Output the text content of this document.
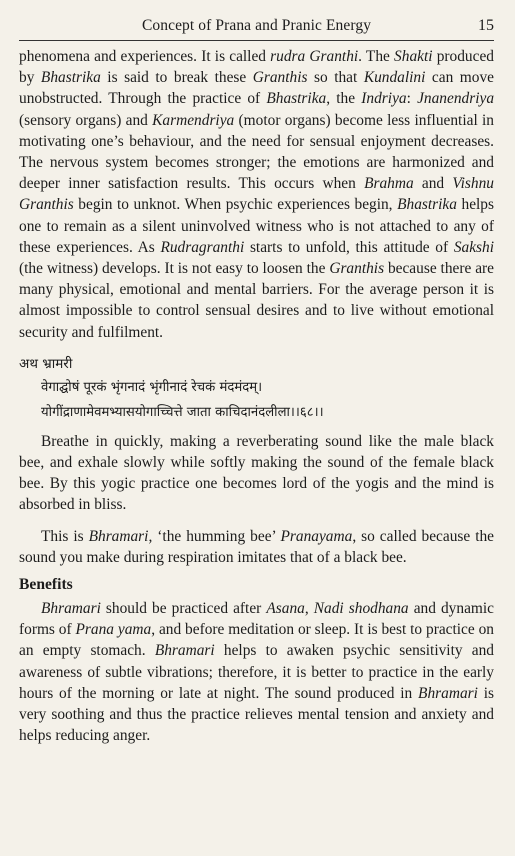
Concept of Prana and Pranic Energy	15

phenomena and experiences. It is called rudra Granthi. The Shakti produced by Bhastrika is said to break these Granthis so that Kundalini can move unobstructed. Through the practice of Bhastrika, the Indriya: Jnanendriya (sensory organs) and Karmendriya (motor organs) become less influential in motivating one’s behaviour, and the need for sensual enjoyment decreases. The nervous system becomes stronger; the emotions are harmonized and deeper inner satisfaction results. This occurs when Brahma and Vishnu Granthis begin to unknot. When psychic experiences begin, Bhastrika helps one to remain as a silent uninvolved witness who is not attached to any of these experiences. As Rudragranthi starts to unfold, this attitude of Sakshi (the witness) develops. It is not easy to loosen the Granthis because there are many physical, emotional and mental barriers. For the average person it is almost impossible to control sensual desires and to live without emotional security and fulfilment.

अथ भ्रामरी
वेगाद्घोषं पूरकं भृंगनादं भृंगीनादं रेचकं मंदमंदम्।
योगींद्राणामेवमभ्यासयोगाच्चित्ते जाता काचिदानंदलीला।।६८।।

Breathe in quickly, making a reverberating sound like the male black bee, and exhale slowly while softly making the sound of the female black bee. By this yogic practice one becomes lord of the yogis and the mind is absorbed in bliss.

This is Bhramari, ‘the humming bee’ Pranayama, so called because the sound you make during respiration imitates that of a black bee.

Benefits

Bhramari should be practiced after Asana, Nadi shodhana and dynamic forms of Prana yama, and before meditation or sleep. It is best to practice on an empty stomach. Bhramari helps to awaken psychic sensitivity and awareness of subtle vibrations; therefore, it is better to practice in the early hours of the morning or late at night. The sound produced in Bhramari is very soothing and thus the practice relieves mental tension and anxiety and helps reducing anger.
